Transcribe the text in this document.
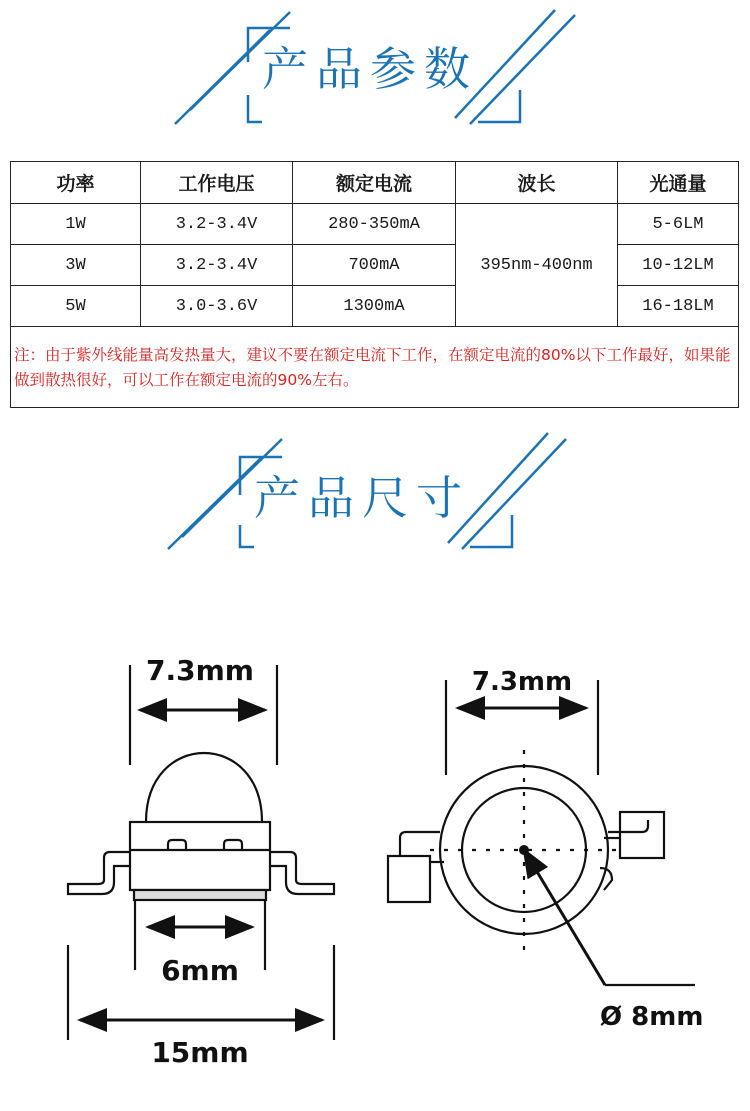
产品参数
功率	工作电压	额定电流	波长	光通量
1W	3.2-3.4V	280-350mA	395nm-400nm	5-6LM
3W	3.2-3.4V	700mA		10-12LM
5W	3.0-3.6V	1300mA		16-18LM
注：由于紫外线能量高发热量大，建议不要在额定电流下工作，在额定电流的80%以下工作最好，如果能做到散热很好，可以工作在额定电流的90%左右。				
产品尺寸
7.3mm
6mm
15mm
7.3mm
Ø 8mm
